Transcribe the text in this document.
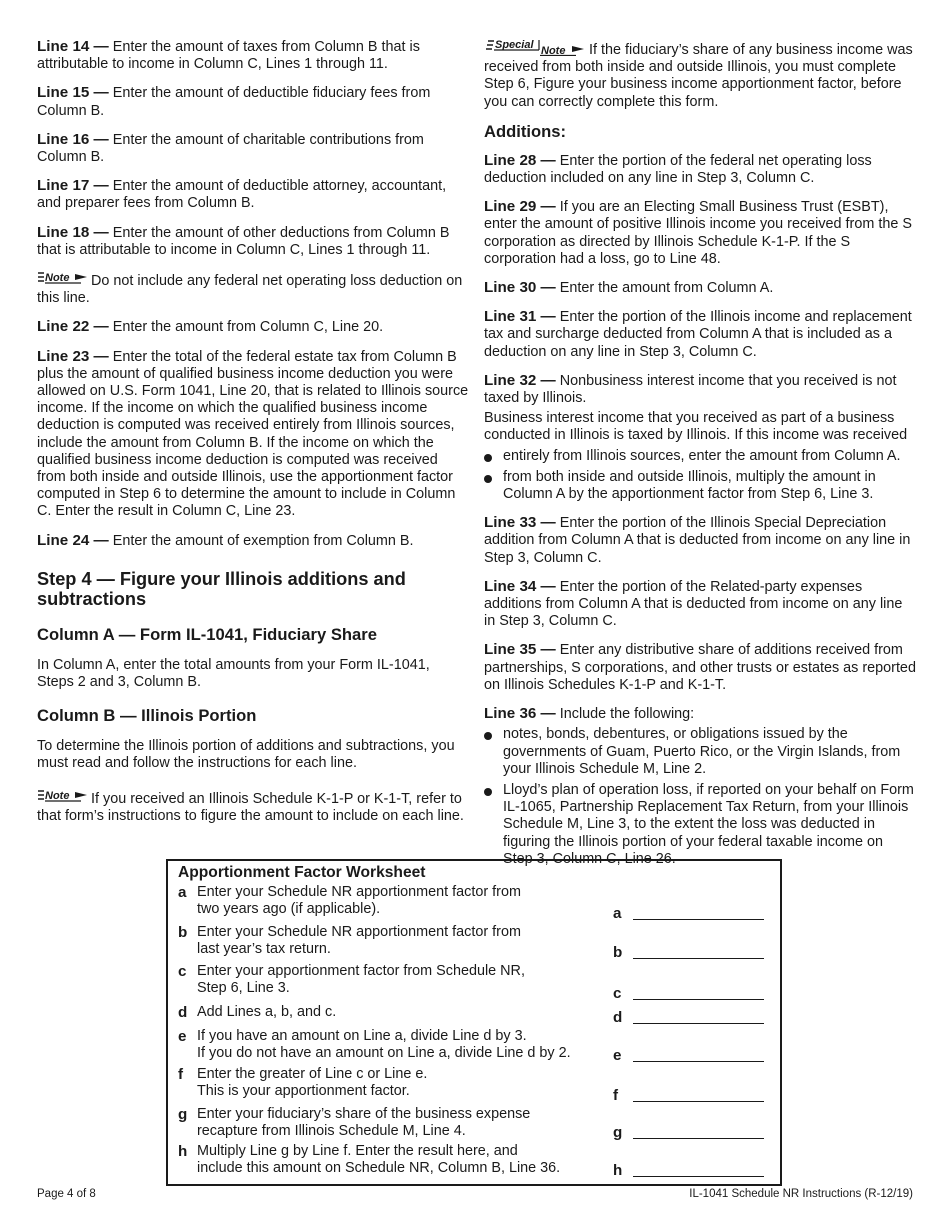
Line 14 — Enter the amount of taxes from Column B that is attributable to income in Column C, Lines 1 through 11.

Line 15 — Enter the amount of deductible fiduciary fees from Column B.

Line 16 — Enter the amount of charitable contributions from Column B.

Line 17 — Enter the amount of deductible attorney, accountant, and preparer fees from Column B.

Line 18 — Enter the amount of other deductions from Column B that is attributable to income in Column C, Lines 1 through 11.

Note Do not include any federal net operating loss deduction on this line.

Line 22 — Enter the amount from Column C, Line 20.

Line 23 — Enter the total of the federal estate tax from Column B plus the amount of qualified business income deduction you were allowed on U.S. Form 1041, Line 20, that is related to Illinois source income. If the income on which the qualified business income deduction is computed was received entirely from Illinois sources, include the amount from Column B. If the income on which the qualified business income deduction is computed was received from both inside and outside Illinois, use the apportionment factor computed in Step 6 to determine the amount to include in Column C. Enter the result in Column C, Line 23.

Line 24 — Enter the amount of exemption from Column B.

Step 4 — Figure your Illinois additions and subtractions
Column A — Form IL-1041, Fiduciary Share

In Column A, enter the total amounts from your Form IL-1041, Steps 2 and 3, Column B.

Column B — Illinois Portion

To determine the Illinois portion of additions and subtractions, you must read and follow the instructions for each line.

Note If you received an Illinois Schedule K-1-P or K-1-T, refer to that form’s instructions to figure the amount to include on each line.

Special Note If the fiduciary’s share of any business income was received from both inside and outside Illinois, you must complete Step 6, Figure your business income apportionment factor, before you can correctly complete this form.

Additions:

Line 28 — Enter the portion of the federal net operating loss deduction included on any line in Step 3, Column C.

Line 29 — If you are an Electing Small Business Trust (ESBT), enter the amount of positive Illinois income you received from the S corporation as directed by Illinois Schedule K-1-P. If the S corporation had a loss, go to Line 48.

Line 30 — Enter the amount from Column A.

Line 31 — Enter the portion of the Illinois income and replacement tax and surcharge deducted from Column A that is included as a deduction on any line in Step 3, Column C.

Line 32 — Nonbusiness interest income that you received is not taxed by Illinois.

Business interest income that you received as part of a business conducted in Illinois is taxed by Illinois. If this income was received

entirely from Illinois sources, enter the amount from Column A.
from both inside and outside Illinois, multiply the amount in Column A by the apportionment factor from Step 6, Line 3.

Line 33 — Enter the portion of the Illinois Special Depreciation addition from Column A that is deducted from income on any line in Step 3, Column C.

Line 34 — Enter the portion of the Related-party expenses additions from Column A that is deducted from income on any line in Step 3, Column C.

Line 35 — Enter any distributive share of additions received from partnerships, S corporations, and other trusts or estates as reported on Illinois Schedules K-1-P and K-1-T.

Line 36 — Include the following:

notes, bonds, debentures, or obligations issued by the governments of Guam, Puerto Rico, or the Virgin Islands, from your Illinois Schedule M, Line 2.
Lloyd’s plan of operation loss, if reported on your behalf on Form IL-1065, Partnership Replacement Tax Return, from your Illinois Schedule M, Line 3, to the extent the loss was deducted in figuring the Illinois portion of your federal taxable income on Step 3, Column C, Line 26.
Apportionment Factor Worksheet
a Enter your Schedule NR apportionment factor from
two years ago (if applicable).	a
b Enter your Schedule NR apportionment factor from
last year’s tax return.	b
c Enter your apportionment factor from Schedule NR,
Step 6, Line 3.	c
d Add Lines a, b, and c.	d
e If you have an amount on Line a, divide Line d by 3.
If you do not have an amount on Line a, divide Line d by 2.	e
f Enter the greater of Line c or Line e.
This is your apportionment factor.	f
g Enter your fiduciary’s share of the business expense
recapture from Illinois Schedule M, Line 4.	g
h Multiply Line g by Line f. Enter the result here, and
include this amount on Schedule NR, Column B, Line 36.	h
Page 4 of 8	IL-1041 Schedule NR Instructions (R-12/19)
